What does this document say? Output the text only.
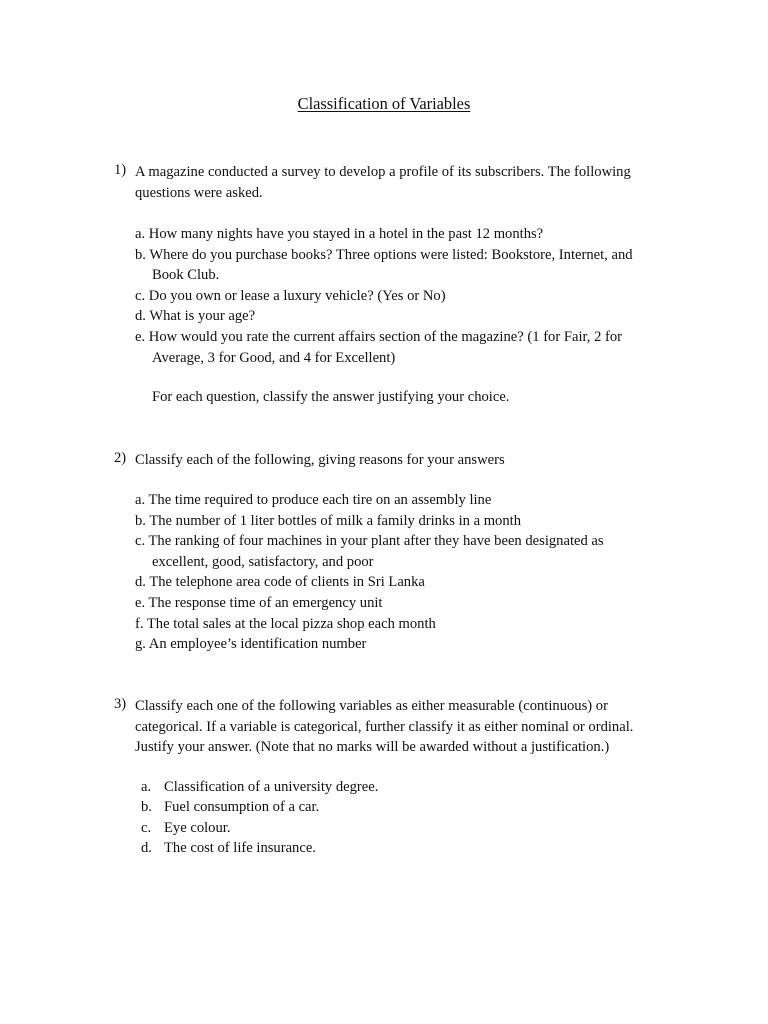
Classification of Variables
1) A magazine conducted a survey to develop a profile of its subscribers. The following questions were asked.
a. How many nights have you stayed in a hotel in the past 12 months?
b. Where do you purchase books? Three options were listed: Bookstore, Internet, and Book Club.
c. Do you own or lease a luxury vehicle? (Yes or No)
d. What is your age?
e. How would you rate the current affairs section of the magazine? (1 for Fair, 2 for Average, 3 for Good, and 4 for Excellent)
For each question, classify the answer justifying your choice.
2) Classify each of the following, giving reasons for your answers
a. The time required to produce each tire on an assembly line
b. The number of 1 liter bottles of milk a family drinks in a month
c. The ranking of four machines in your plant after they have been designated as excellent, good, satisfactory, and poor
d. The telephone area code of clients in Sri Lanka
e. The response time of an emergency unit
f. The total sales at the local pizza shop each month
g. An employee’s identification number
3) Classify each one of the following variables as either measurable (continuous) or categorical. If a variable is categorical, further classify it as either nominal or ordinal. Justify your answer. (Note that no marks will be awarded without a justification.)
a. Classification of a university degree.
b. Fuel consumption of a car.
c. Eye colour.
d. The cost of life insurance.
